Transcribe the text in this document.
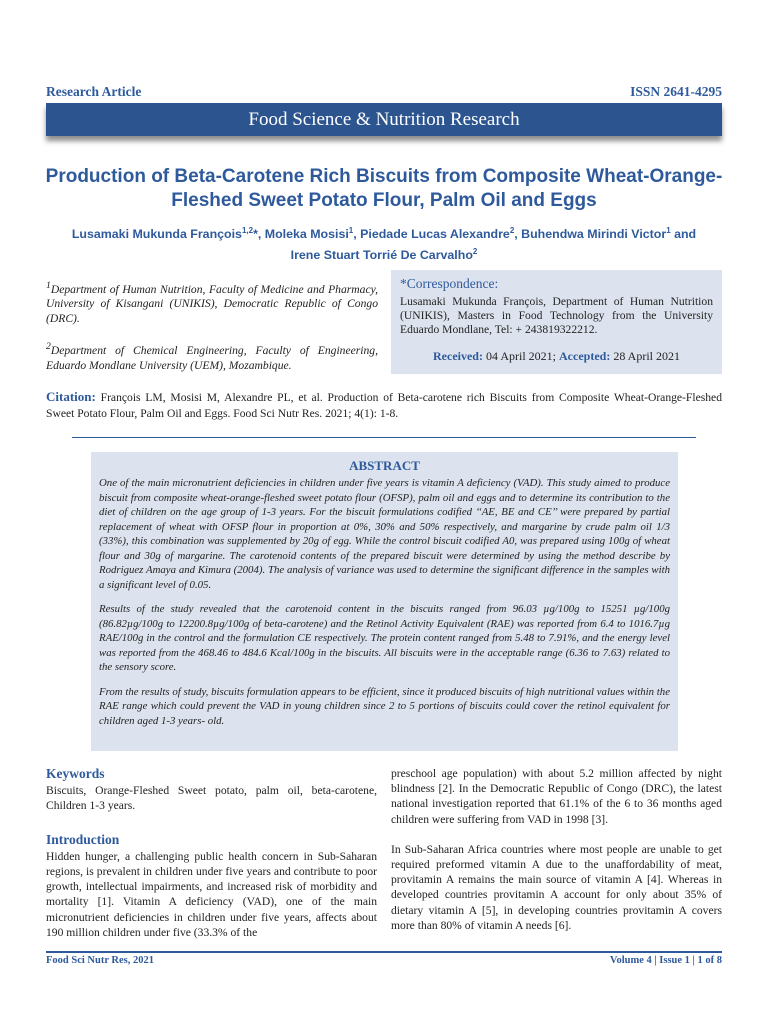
Research Article	ISSN 2641-4295
Food Science & Nutrition Research
Production of Beta-Carotene Rich Biscuits from Composite Wheat-Orange-Fleshed Sweet Potato Flour, Palm Oil and Eggs
Lusamaki Mukunda François$^{1,2}$*, Moleka Mosisi$^1$, Piedade Lucas Alexandre$^2$, Buhendwa Mirindi Victor$^1$ and
Irene Stuart Torrié De Carvalho$^2$

$^1$Department of Human Nutrition, Faculty of Medicine and Pharmacy, University of Kisangani (UNIKIS), Democratic Republic of Congo (DRC).

$^2$Department of Chemical Engineering, Faculty of Engineering, Eduardo Mondlane University (UEM), Mozambique.

*Correspondence:
Lusamaki Mukunda François, Department of Human Nutrition (UNIKIS), Masters in Food Technology from the University Eduardo Mondlane, Tel: + 243819322212.
Received: 04 April 2021; Accepted: 28 April 2021
Citation: François LM, Mosisi M, Alexandre PL, et al. Production of Beta-carotene rich Biscuits from Composite Wheat-Orange-Fleshed Sweet Potato Flour, Palm Oil and Eggs. Food Sci Nutr Res. 2021; 4(1): 1-8.
ABSTRACT

One of the main micronutrient deficiencies in children under five years is vitamin A deficiency (VAD). This study aimed to produce biscuit from composite wheat-orange-fleshed sweet potato flour (OFSP), palm oil and eggs and to determine its contribution to the diet of children on the age group of 1-3 years. For the biscuit formulations codified ‘‘AE, BE and CE’’ were prepared by partial replacement of wheat with OFSP flour in proportion at 0%, 30% and 50% respectively, and margarine by crude palm oil 1/3 (33%), this combination was supplemented by 20g of egg. While the control biscuit codified A0, was prepared using 100g of wheat flour and 30g of margarine. The carotenoid contents of the prepared biscuit were determined by using the method describe by Rodriguez Amaya and Kimura (2004). The analysis of variance was used to determine the significant difference in the samples with a significant level of 0.05.

Results of the study revealed that the carotenoid content in the biscuits ranged from 96.03 µg/100g to 15251 µg/100g (86.82µg/100g to 12200.8µg/100g of beta-carotene) and the Retinol Activity Equivalent (RAE) was reported from 6.4 to 1016.7µg RAE/100g in the control and the formulation CE respectively. The protein content ranged from 5.48 to 7.91%, and the energy level was reported from the 468.46 to 484.6 Kcal/100g in the biscuits. All biscuits were in the acceptable range (6.36 to 7.63) related to the sensory score.

From the results of study, biscuits formulation appears to be efficient, since it produced biscuits of high nutritional values within the RAE range which could prevent the VAD in young children since 2 to 5 portions of biscuits could cover the retinol equivalent for children aged 1-3 years- old.

Keywords

Biscuits, Orange-Fleshed Sweet potato, palm oil, beta-carotene, Children 1-3 years.

Introduction

Hidden hunger, a challenging public health concern in Sub-Saharan regions, is prevalent in children under five years and contribute to poor growth, intellectual impairments, and increased risk of morbidity and mortality [1]. Vitamin A deficiency (VAD), one of the main micronutrient deficiencies in children under five years, affects about 190 million children under five (33.3% of the

preschool age population) with about 5.2 million affected by night blindness [2]. In the Democratic Republic of Congo (DRC), the latest national investigation reported that 61.1% of the 6 to 36 months aged children were suffering from VAD in 1998 [3].

In Sub-Saharan Africa countries where most people are unable to get required preformed vitamin A due to the unaffordability of meat, provitamin A remains the main source of vitamin A [4]. Whereas in developed countries provitamin A account for only about 35% of dietary vitamin A [5], in developing countries provitamin A covers more than 80% of vitamin A needs [6].

Food Sci Nutr Res, 2021	Volume 4 | Issue 1 | 1 of 8
